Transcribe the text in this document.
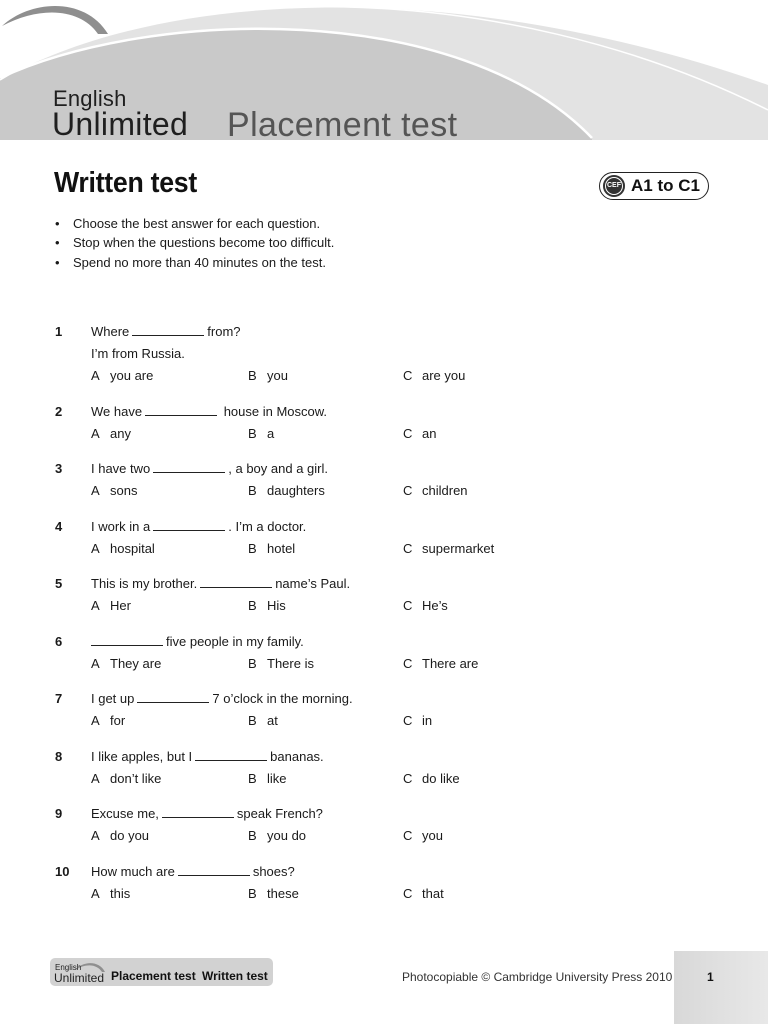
English
Unlimited Placement test
Written test	CEF A1 to C1
• Choose the best answer for each question.
• Stop when the questions become too difficult.
• Spend no more than 40 minutes on the test.
1 Where	from?
I’m from Russia.
A you are	B you	C are you
2 We have	house in Moscow.
A any	B a	C an
3 I have two	, a boy and a girl.
A sons	B daughters	C children
4 I work in a	. I’m a doctor.
A hospital	B hotel	C supermarket
5 This is my brother.	name’s Paul.
A Her	B His	C He’s
6	five people in my family.
A They are	B There is	C There are
7 I get up	7 o’clock in the morning.
A for	B at	C in
8 I like apples, but I	bananas.
A don’t like	B like	C do like
9 Excuse me,	speak French?
A do you	B you do	C you
10 How much are	shoes?
A this	B these	C that
English
Unlimited Placement test Written test	Photocopiable © Cambridge University Press 2010	1
